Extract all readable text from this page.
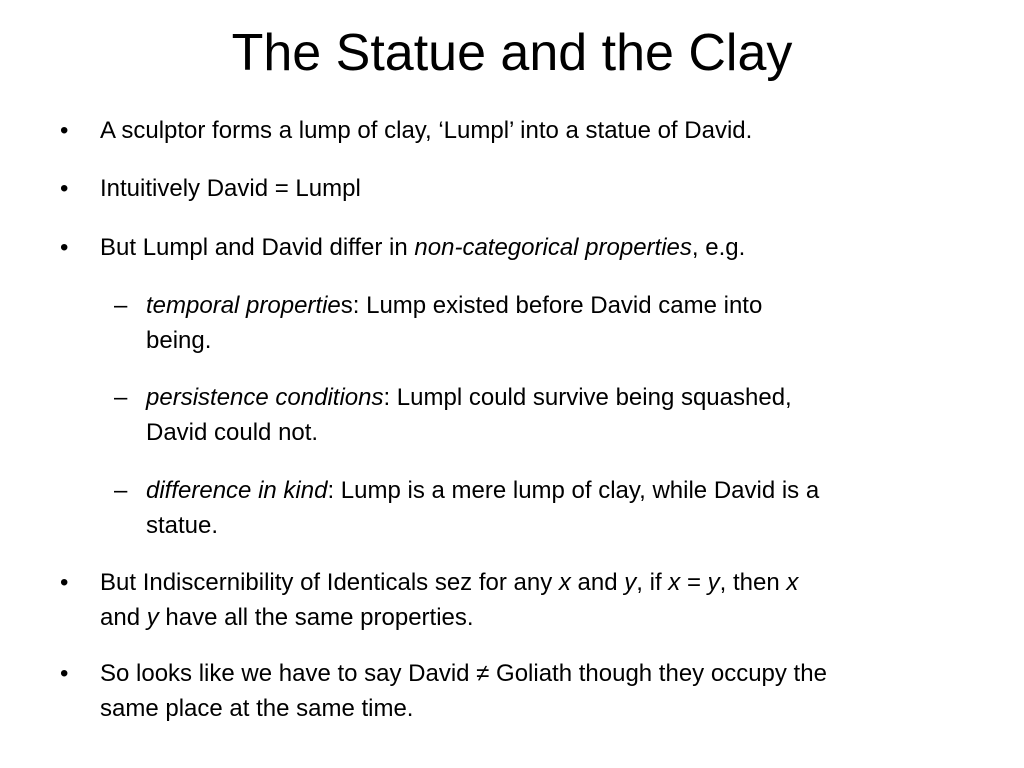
The Statue and the Clay
• A sculptor forms a lump of clay, ‘Lumpl’ into a statue of David.
• Intuitively David = Lumpl
• But Lumpl and David differ in non-categorical properties, e.g.
– temporal properties: Lump existed before David came into
being.
– persistence conditions: Lumpl could survive being squashed,
David could not.
– difference in kind: Lump is a mere lump of clay, while David is a
statue.
• But Indiscernibility of Identicals sez for any x and y, if x = y, then x
and y have all the same properties.
• So looks like we have to say David ≠ Goliath though they occupy the
same place at the same time.
